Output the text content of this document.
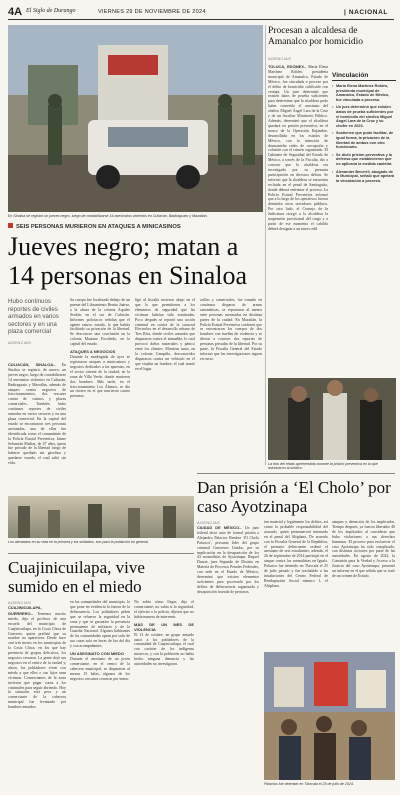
4A El Siglo de Durango	VIERNES 29 DE NOVIEMBRE DE 2024	| NACIONAL
En Sinaloa se registró un jueves negro, luego de contabilizarse 14 asesinatos violentos en Culiacán, Badiraguato y Mazatlán.
SEIS PERSONAS MURIERON EN ATAQUES A MINICASINOS
Jueves negro; matan a 14 personas en Sinaloa
Hubo continuos reportes de civiles armados en varios sectores y en una plaza comercial
AGENCIAS
CULIACÁN, SINALOA.- En Sinaloa se registró, de nuevo, un jueves negro, luego de contabilizarse 14 asesinatos violentos en Culiacán, Badiraguato y Mazatlán, además de ataques contra negocios de fraccionamientos, dos rescates contra de casinos y plazas comerciales. También hubo continuos reportes de civiles armados en varios sectores y en una plaza comercial. En la capital del estado se encontraron tres personas asesinadas, una de ellas fue identificada como el comandante de la Policía Estatal Preventiva, Jaime Sebastián Muñoz, de 47 años, quien fue privado de la libertad luego de haberse quedado sin gasolina y quedarse varado, el cual salió sin vida.
Su cuerpo fue localizado debajo de un puente del Libramiento Benito Juárez, a la altura de la colonia Aquiles Serdán, en el sur de Culiacán. Informes policiacos señalan que el agente estuvo varado, lo que habría facilitado su privación de la libertad. Se desconoce una conclusión en la colonia Mariano Escobedo, en la capital del estado.
ATAQUES A NEGOCIOS
Durante la madrugada de ayer se registraron ataques a minicasinos y negocios dedicados a las apuestas; en el sector oriente de la ciudad, en la zona de Villa Verde, donde murieron dos hombres. Más tarde, en el fraccionamiento Los Álamos, se dio un tiroteo en el que murieron cuatro personas.
ligó al fiscalía tuvieron abajo en el que lo que permitieron a los elementos de seguridad que las víctimas habrían sido asesinadas. Poco después se reportó una acción criminal en contra de la sucursal Electrolux en el desarrollo urbano de Tres Ríos, donde civiles armados que dispararon contra el inmueble, lo cual provocó daños materiales y pánico entre los clientes. Mientras tanto, en la colonia Campiña, desconocidos dispararon contra un vehículo en el que viajaba un hombre, el cual murió en el lugar.
orillas y comerciales, fue tomado en continuos disparos de armas automáticas, se reportaron al menos siete personas asesinadas en distintas partes de la ciudad. En Mazatlán, la Policía Estatal Preventiva confirmó que se encontraron los cuerpos de dos hombres con huellas de violencia y se dieron a conocer dos reportes de personas privadas de la libertad. Por su parte, la Fiscalía General del Estado informó que las investigaciones siguen en curso.
Los atentados en su vida en la primera y los soldados, son para la población en general.
Procesan a alcaldesa de Amanalco por homicidio
AGENCIAS
TOLUCA, EDOMEX.- María Elena Martínez Robles, presidenta municipal de Amanalco, Estado de México, fue vinculada a proceso por el delito de homicidio calificado con ventaja. Un juez determinó que existen datos de prueba suficientes para determinar que la alcaldesa pudo haber cometido el asesinato del síndico Miguel Ángel Lara de la Cruz y de un Auxiliar Ministerio Público. Además, determinó que el alcaldesa quedará en prisión preventiva, en el marco de la Operación Enjambre, desarrollada en los estados de México, con la intención de desmantelar redes de corrupción y colusión con el crimen organizado. El Gabinete de Seguridad del Estado de México, a través de la Fiscalía, dio a conocer que la alcaldesa era investigada por su presunta participación en diversos delitos. Se informó que la alcaldesa se encuentra recluida en el penal de Santiaguito, donde deberá enfrentar el proceso. La Policía Estatal Preventiva informó que a lo largo de los operativos fueron detenidos otros servidores públicos. Por otro lado, el Consejo de la Judicatura otorgó a la alcaldesa la suspensión provisional del cargo y a partir de ese momento el cabildo deberá designar a un nuevo edil.
Vinculación
• María Elena Martínez Robles, presidenta municipal de Amanalco, Estado de México, fue vinculada a proceso.
• Un juez determinó que existen datos de prueba suficientes por el homicidio del síndico Miguel Ángel Lara de la Cruz y su chofer en 2023.
• Sostienen que pudo facilitar, de igual forma, la privación de la libertad de ambos con otro funcionario.
• Se dictó prisión preventiva y la defensa que establecieron que no aplicaría la medida cautelar.
• Alexander Becerril, abogado de la Municipal, señaló que apelará la vinculación a proceso.
La foto del relato aprehendida durante la prisión preventiva en la que asesinaron al síndico.
Cuajinicuilapa, vive sumido en el miedo
AGENCIAS
CUAJINICUILAPA, GUERRERO.- Tenemos mucho miedo, dijo el profesor de una escuela del municipio de Cuajinicuilapa, en la Costa Chica de Guerrero, quien prefirió que su nombre no apareciera. Desde hace casi tres meses en los municipios de la Costa Chica, en los que hay presencia de grupos delictivos, los negocios cerraron. La gente dejó sus negocios en el centro de la ciudad y, ahora, los pobladores viven con miedo a que ellos o sus hijos sean víctimas. Comerciantes de la zona tuvieron que pagar cuota a los criminales para seguir abriendo. Hoy la situación está peor y un comerciante de la cabecera municipal fue levantado por hombres armados.
en las comunidades del municipio, lo que pone en evidencia la fuerza de la delincuencia. Los pobladores piden que se refuerce la seguridad en la zona y que se garantice la presencia permanente de militares y de la Guardia Nacional. Algunos habitantes de las comunidades optan por salir de sus casas solo en horas de luz del día y con acompañantes.
UN ASESINATO CON MIEDO
Durante el asesinato de un joven comerciante, en el centro de la cabecera municipal, se dispararon al menos 15 balas, algunos de los negocios cercanos cerraron por temor.
No sabía cómo llegar, dijo el comerciante; no sabía si la seguridad, el ejército o la policía, dijeron que no había manera de intervenir.
MÁS DE UN MES DE VIOLENCIA
El 13 de octubre, un grupo armado atacó a los pobladores de la comunidad de Cuajinicuilapa, el cual con carácter de los indígenas mixtecos, y con la población no había hecho ninguna denuncia y las autoridades no investigaron.
Dan prisión a ‘El Cholo’ por caso Ayotzinapa
AGENCIAS
CIUDAD DE MÉXICO.- Un juez federal dictó auto de formal prisión a Alejandro Palacios Benítez ‘El Cholo Palacios’, presunto líder del grupo criminal Guerreros Unidos, por su implicación en la desaparición de los 43 normalistas de Ayotzinapa. Raquel Duarte, juez Segundo de Distrito en Materia de Procesos Penales Federales, con sede en el Estado de México, determinó que existen elementos suficientes para procesarlo por los delitos de delincuencia organizada y desaparición forzada de personas.
tan material y legalmente los delitos, así como la probable responsabilidad del acusado, quien permanecerá internado en el penal del Altiplano. De acuerdo con la Fiscalía General de la República, el presunto delincuente ordenó el asesinato de seis estudiantes; además, el 26 de septiembre de 2014 participó en el ataque contra los normalistas en Iguala. Palacios fue detenido en Tlaxcala el 25 de julio pasado y fue trasladado a las instalaciones del Centro Federal de Readaptación Social número 1, el Altiplano.
ataques y detención de los implicados. Tiempo después, ya fueron liberados 40 de los implicados al considerar que hubo violaciones a sus derechos humanos. El proceso para esclarecer el caso Ayotzinapa ha sido complicado, con distintas acciones por parte de las autoridades. En agosto de 2022, la Comisión para la Verdad y Acceso a la Justicia del caso Ayotzinapa, presentó un informe en el que señala que se trató de un crimen de Estado.
Palacios fue detenido en Tlaxcala el 25 de julio de 2024.
